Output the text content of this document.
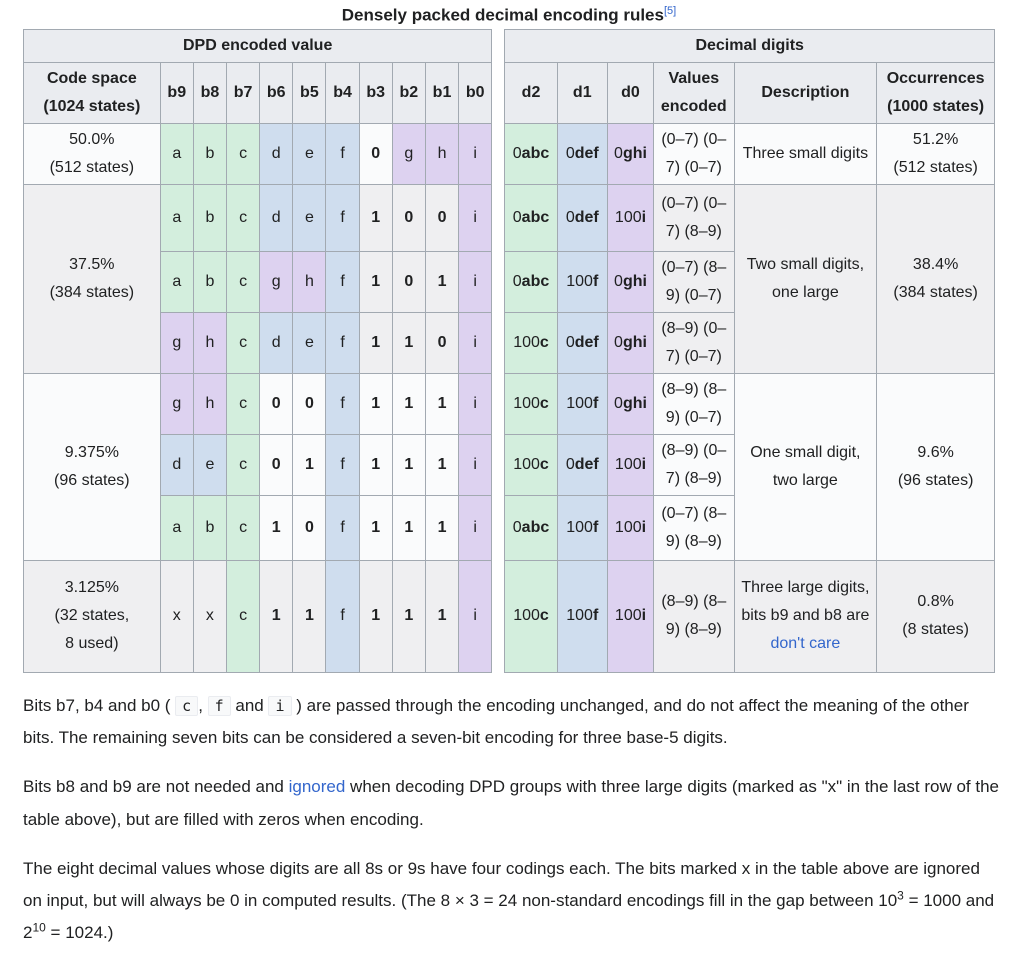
Densely packed decimal encoding rules[5]
DPD encoded value												Decimal digits					

Code space
(1024 states)	b9	b8	b7	b6	b5	b4	b3	b2	b1	b0		d2	d1	d0	Values
encoded	Description	Occurrences
(1000 states)

50.0%
(512 states)	a	b	c	d	e	f	0	g	h	i		0abc	0def	0ghi	(0–7) (0–7) (0–7)	Three small digits	51.2%
(512 states)

37.5%
(384 states)	a	b	c	d	e	f	1	0	0	i		0abc	0def	100i	(0–7) (0–7) (8–9)	Two small digits, one large	38.4%
(384 states)

	a	b	c	g	h	f	1	0	1	i		0abc	100f	0ghi	(0–7) (8–9) (0–7)		
	g	h	c	d	e	f	1	1	0	i		100c	0def	0ghi	(8–9) (0–7) (0–7)		

9.375%
(96 states)	g	h	c	0	0	f	1	1	1	i		100c	100f	0ghi	(8–9) (8–9) (0–7)	One small digit, two large	9.6%
(96 states)

	d	e	c	0	1	f	1	1	1	i		100c	0def	100i	(8–9) (0–7) (8–9)		
	a	b	c	1	0	f	1	1	1	i		0abc	100f	100i	(0–7) (8–9) (8–9)		

3.125%
(32 states,
8 used)	x	x	c	1	1	f	1	1	1	i		100c	100f	100i	(8–9) (8–9) (8–9)	Three large digits, bits b9 and b8 are don't care	0.8%
(8 states)

Bits b7, b4 and b0 ( c , f and i ) are passed through the encoding unchanged, and do not affect the meaning of the other bits. The remaining seven bits can be considered a seven-bit encoding for three base-5 digits.

Bits b8 and b9 are not needed and ignored when decoding DPD groups with three large digits (marked as "x" in the last row of the table above), but are filled with zeros when encoding.

The eight decimal values whose digits are all 8s or 9s have four codings each. The bits marked x in the table above are ignored on input, but will always be 0 in computed results. (The 8 × 3 = 24 non-standard encodings fill in the gap between $10^3 = 1000$ and $2^{10} = 1024$.)
